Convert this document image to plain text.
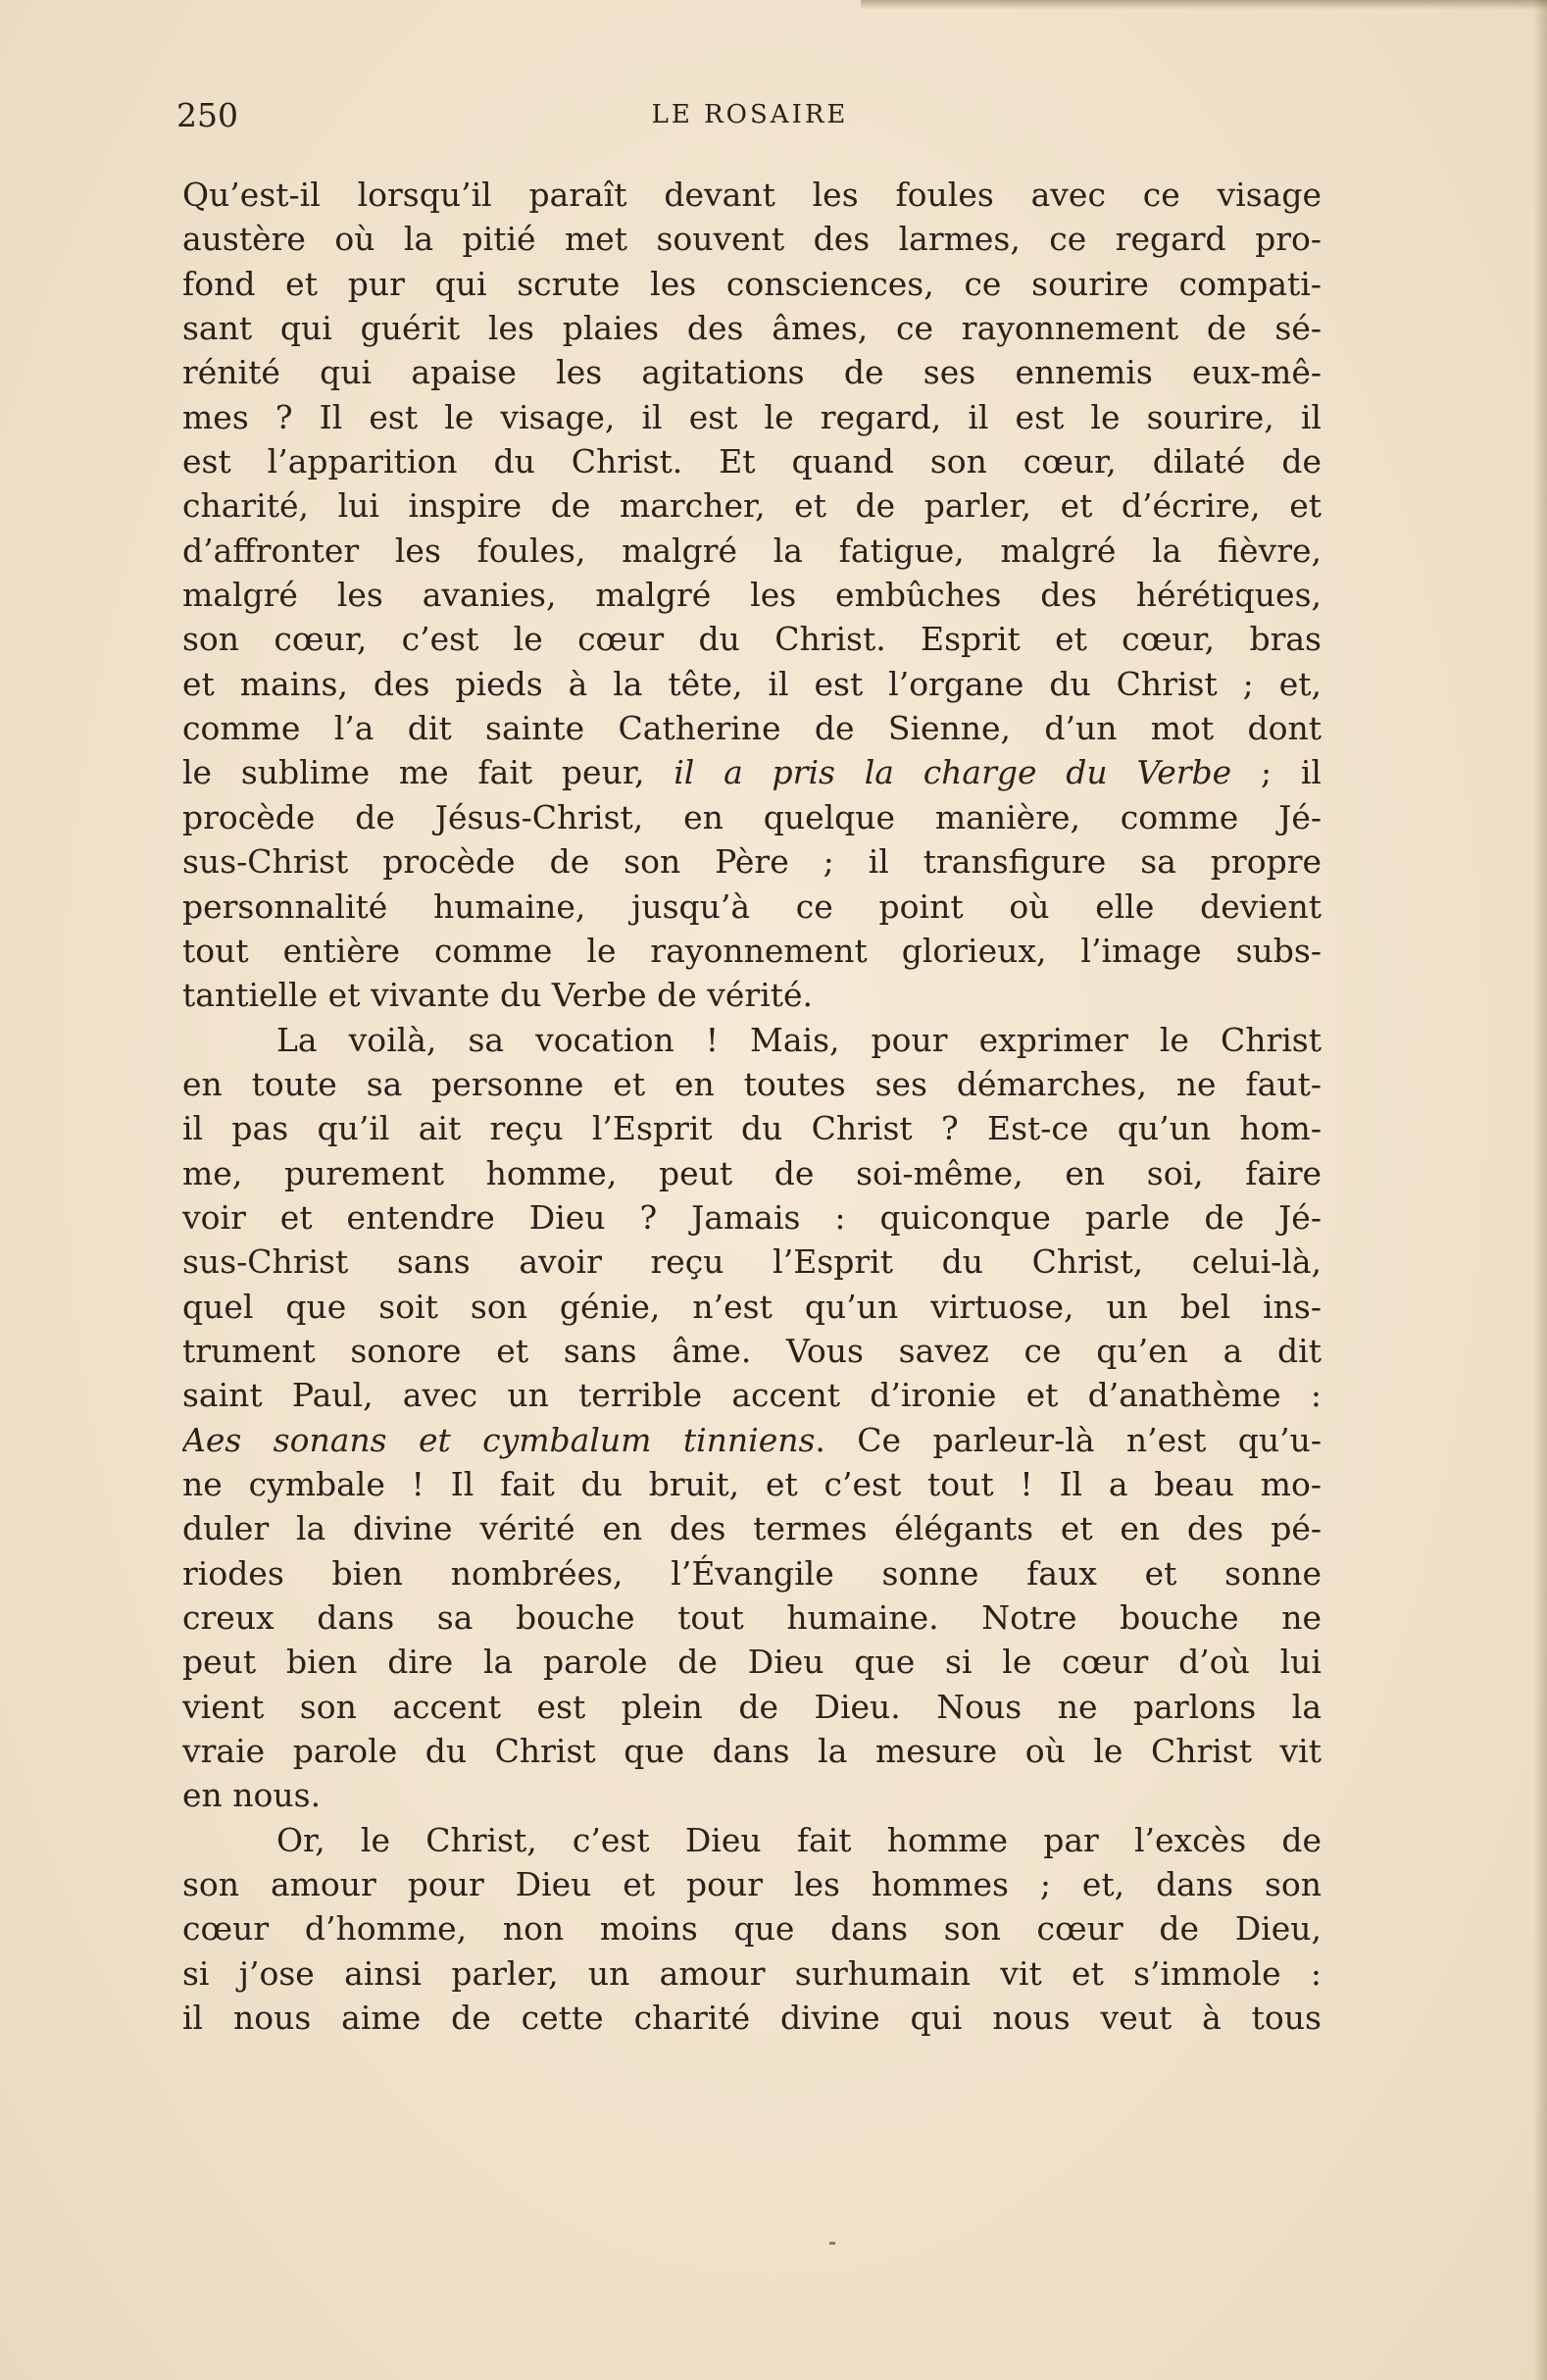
250	LE ROSAIRE
Qu’est-il lorsqu’il paraît devant les foules avec ce visage
austère où la pitié met souvent des larmes, ce regard pro-
fond et pur qui scrute les consciences, ce sourire compati-
sant qui guérit les plaies des âmes, ce rayonnement de sé-
rénité qui apaise les agitations de ses ennemis eux-mê-
mes ? Il est le visage, il est le regard, il est le sourire, il
est l’apparition du Christ. Et quand son cœur, dilaté de
charité, lui inspire de marcher, et de parler, et d’écrire, et
d’affronter les foules, malgré la fatigue, malgré la fièvre,
malgré les avanies, malgré les embûches des hérétiques,
son cœur, c’est le cœur du Christ. Esprit et cœur, bras
et mains, des pieds à la tête, il est l’organe du Christ ; et,
comme l’a dit sainte Catherine de Sienne, d’un mot dont
le sublime me fait peur, il a pris la charge du Verbe ; il
procède de Jésus-Christ, en quelque manière, comme Jé-
sus-Christ procède de son Père ; il transfigure sa propre
personnalité humaine, jusqu’à ce point où elle devient
tout entière comme le rayonnement glorieux, l’image subs-
tantielle et vivante du Verbe de vérité.
La voilà, sa vocation ! Mais, pour exprimer le Christ
en toute sa personne et en toutes ses démarches, ne faut-
il pas qu’il ait reçu l’Esprit du Christ ? Est-ce qu’un hom-
me, purement homme, peut de soi-même, en soi, faire
voir et entendre Dieu ? Jamais : quiconque parle de Jé-
sus-Christ sans avoir reçu l’Esprit du Christ, celui-là,
quel que soit son génie, n’est qu’un virtuose, un bel ins-
trument sonore et sans âme. Vous savez ce qu’en a dit
saint Paul, avec un terrible accent d’ironie et d’anathème :
Aes sonans et cymbalum tinniens. Ce parleur-là n’est qu’u-
ne cymbale ! Il fait du bruit, et c’est tout ! Il a beau mo-
duler la divine vérité en des termes élégants et en des pé-
riodes bien nombrées, l’Évangile sonne faux et sonne
creux dans sa bouche tout humaine. Notre bouche ne
peut bien dire la parole de Dieu que si le cœur d’où lui
vient son accent est plein de Dieu. Nous ne parlons la
vraie parole du Christ que dans la mesure où le Christ vit
en nous.
Or, le Christ, c’est Dieu fait homme par l’excès de
son amour pour Dieu et pour les hommes ; et, dans son
cœur d’homme, non moins que dans son cœur de Dieu,
si j’ose ainsi parler, un amour surhumain vit et s’immole :
il nous aime de cette charité divine qui nous veut à tous
